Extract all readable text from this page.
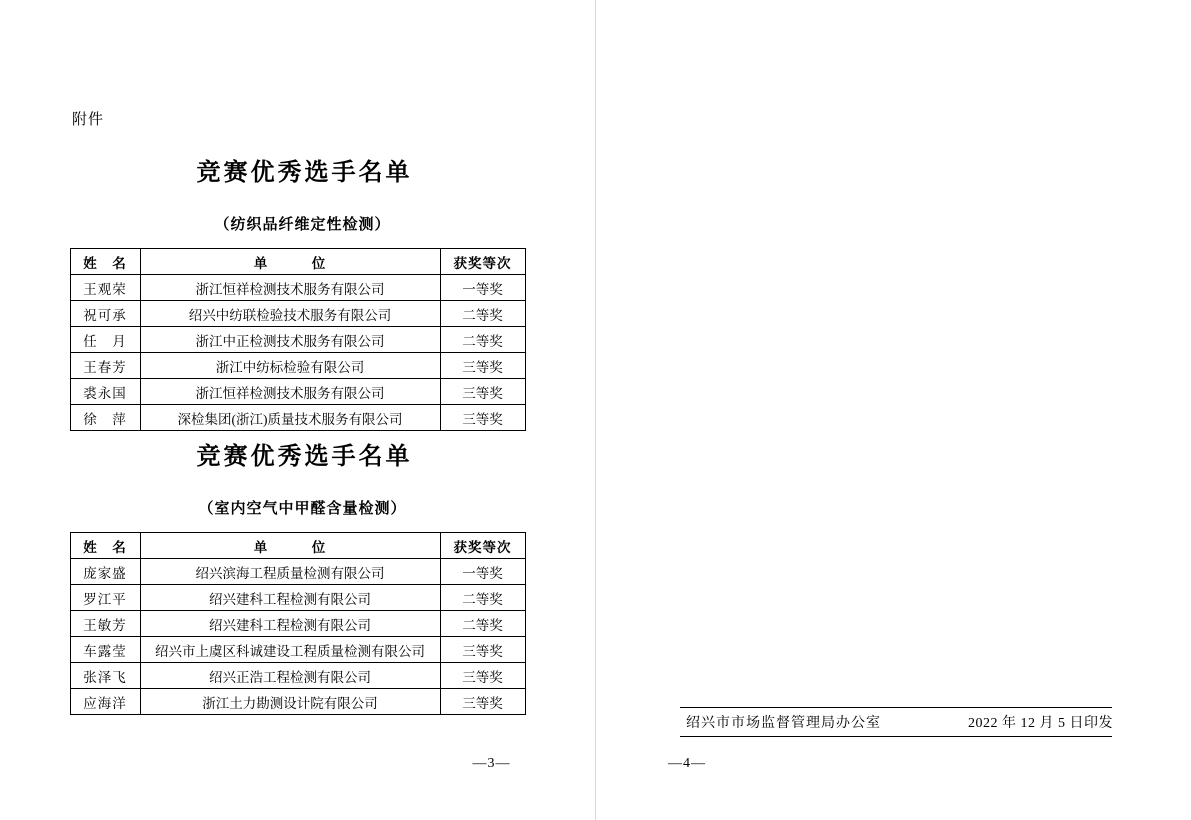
附件
竞赛优秀选手名单
（纺织品纤维定性检测）
姓　名	单　　　位	获奖等次
王观荣	浙江恒祥检测技术服务有限公司	一等奖
祝可承	绍兴中纺联检验技术服务有限公司	二等奖
任　月	浙江中正检测技术服务有限公司	二等奖
王春芳	浙江中纺标检验有限公司	三等奖
裘永国	浙江恒祥检测技术服务有限公司	三等奖
徐　萍	深检集团(浙江)质量技术服务有限公司	三等奖
竞赛优秀选手名单
（室内空气中甲醛含量检测）
姓　名	单　　　位	获奖等次
庞家盛	绍兴滨海工程质量检测有限公司	一等奖
罗江平	绍兴建科工程检测有限公司	二等奖
王敏芳	绍兴建科工程检测有限公司	二等奖
车露莹	绍兴市上虞区科诚建设工程质量检测有限公司	三等奖
张泽飞	绍兴正浩工程检测有限公司	三等奖
应海洋	浙江土力勘测设计院有限公司	三等奖
—3—
绍兴市市场监督管理局办公室	2022 年 12 月 5 日印发
—4—
